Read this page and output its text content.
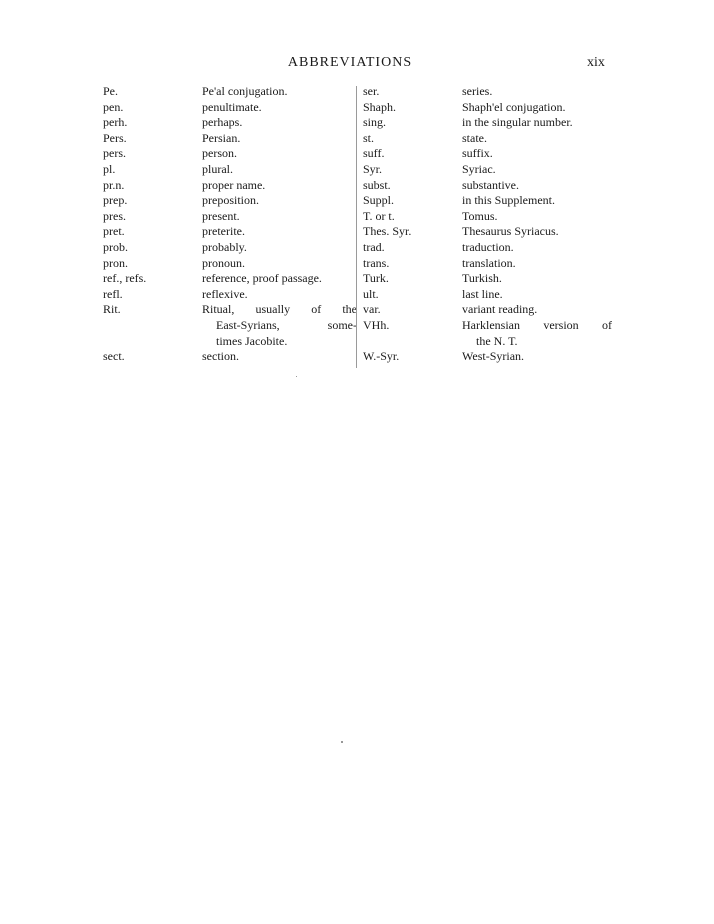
ABBREVIATIONS	xix
Pe.	Pe'al conjugation.
pen.	penultimate.
perh.	perhaps.
Pers.	Persian.
pers.	person.
pl.	plural.
pr.n.	proper name.
prep.	preposition.
pres.	present.
pret.	preterite.
prob.	probably.
pron.	pronoun.
ref., refs.	reference, proof passage.
refl.	reflexive.
Rit.	Ritual, usually of the
East-Syrians, some-
times Jacobite.
sect.	section.
ser.	series.
Shaph.	Shaph'el conjugation.
sing.	in the singular number.
st.	state.
suff.	suffix.
Syr.	Syriac.
subst.	substantive.
Suppl.	in this Supplement.
T. or t.	Tomus.
Thes. Syr.	Thesaurus Syriacus.
trad.	traduction.
trans.	translation.
Turk.	Turkish.
ult.	last line.
var.	variant reading.
VHh.	Harklensian version of
the N. T.
W.-Syr.	West-Syrian.
